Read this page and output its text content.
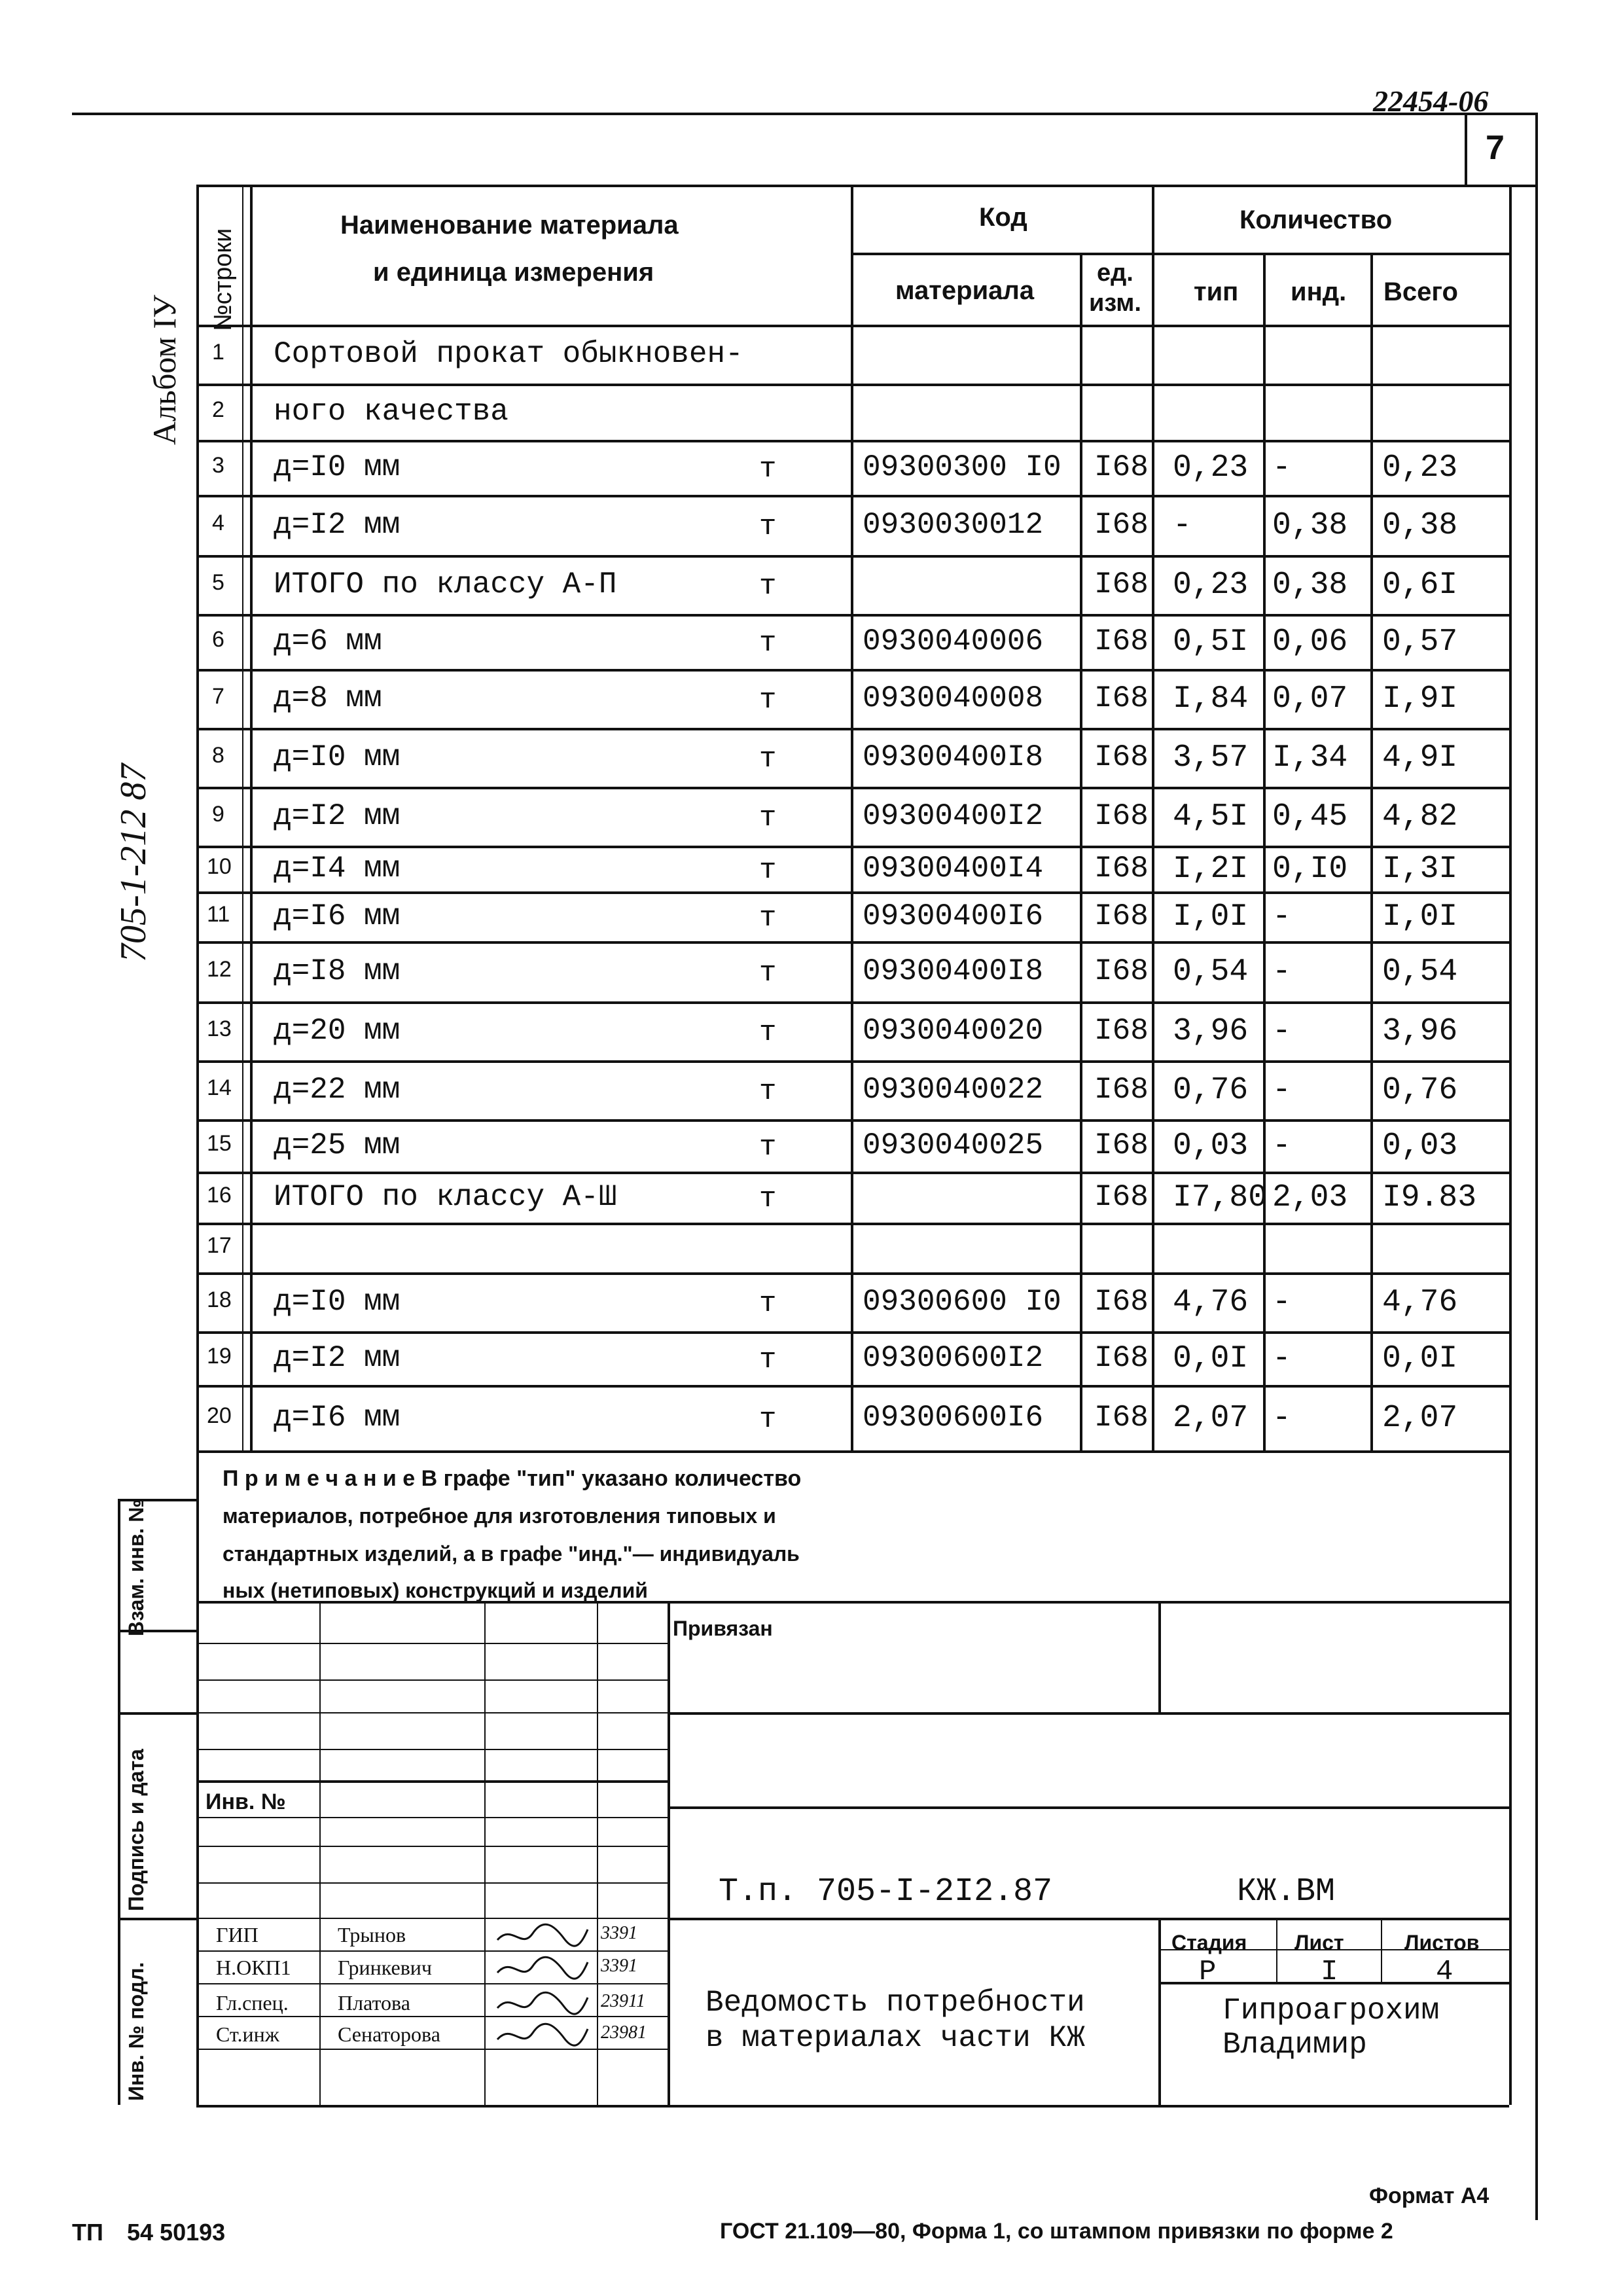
22454-06
7
Альбом IУ
705-1-212 87
№строки
Наименование материала
и единица измерения
Код
материала
ед.
изм.
Количество
тип инд. Всего
1 Сортовой прокат обыкновен-
2 ного качества
3 д=I0 мм	т	09300300 I0 I68 0,23 -	0,23
4 д=I2 мм	т	0930030012 I68 -	0,38 0,38
5 ИТОГО по классу А-П	т	I68 0,23 0,38 0,6I
6 д=6 мм	т	0930040006 I68 0,5I 0,06 0,57
7 д=8 мм	т	0930040008 I68 I,84 0,07 I,9I
8 д=I0 мм	т	09300400I8 I68 3,57 I,34 4,9I
9 д=I2 мм	т	09300400I2 I68 4,5I 0,45 4,82
10 д=I4 мм	т	09300400I4 I68 I,2I 0,I0 I,3I
11 д=I6 мм	т	09300400I6 I68 I,0I -	I,0I
12 д=I8 мм	т	09300400I8 I68 0,54 -	0,54
13 д=20 мм	т	0930040020 I68 3,96 -	3,96
14 д=22 мм	т	0930040022 I68 0,76 -	0,76
15 д=25 мм	т	0930040025 I68 0,03 -	0,03
16 ИТОГО по классу А-Ш	т	I68 I7,80 2,03 I9.83
17
18 д=I0 мм	т	09300600 I0 I68 4,76 -	4,76
19 д=I2 мм	т	09300600I2 I68 0,0I -	0,0I
20 д=I6 мм	т	09300600I6 I68 2,07 -	2,07
П р и м е ч а н и е В графе "тип" указано количество
материалов, потребное для изготовления типовых и
стандартных изделий, а в графе "инд."— индивидуаль
ных (нетиповых) конструкций и изделий
Привязан
Инв. №
Т.п. 705-I-2I2.87	КЖ.ВМ
Ведомость потребности
в материалах части КЖ
Гипроагрохим
Владимир
Стадия Лист	Листов
Р	I	4
ГИП	Трынов	3391
Н.ОКП1 Гринкевич	3391
Гл.спец. Платова	23911
Ст.инж	Сенаторова	23981
Взам. инв. №
Подпись и дата
Инв. № подл.
Формат А4
ТП 54 50193	ГОСТ 21.109—80, Форма 1, со штампом привязки по форме 2
